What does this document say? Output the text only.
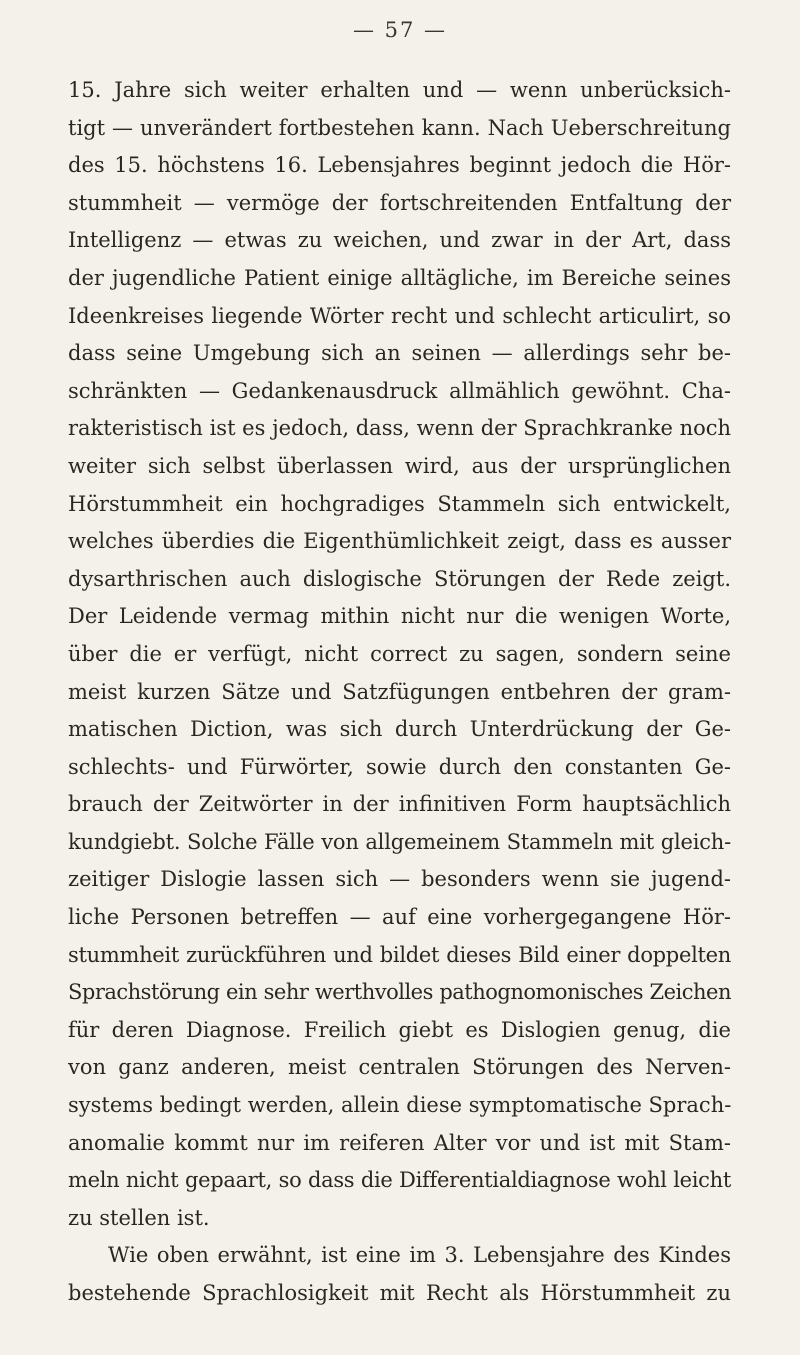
— 57 —
15. Jahre sich weiter erhalten und — wenn unberücksich-
tigt — unverändert fortbestehen kann. Nach Ueberschreitung
des 15. höchstens 16. Lebensjahres beginnt jedoch die Hör-
stummheit — vermöge der fortschreitenden Entfaltung der
Intelligenz — etwas zu weichen, und zwar in der Art, dass
der jugendliche Patient einige alltägliche, im Bereiche seines
Ideenkreises liegende Wörter recht und schlecht articulirt, so
dass seine Umgebung sich an seinen — allerdings sehr be-
schränkten — Gedankenausdruck allmählich gewöhnt. Cha-
rakteristisch ist es jedoch, dass, wenn der Sprachkranke noch
weiter sich selbst überlassen wird, aus der ursprünglichen
Hörstummheit ein hochgradiges Stammeln sich entwickelt,
welches überdies die Eigenthümlichkeit zeigt, dass es ausser
dysarthrischen auch dislogische Störungen der Rede zeigt.
Der Leidende vermag mithin nicht nur die wenigen Worte,
über die er verfügt, nicht correct zu sagen, sondern seine
meist kurzen Sätze und Satzfügungen entbehren der gram-
matischen Diction, was sich durch Unterdrückung der Ge-
schlechts- und Fürwörter, sowie durch den constanten Ge-
brauch der Zeitwörter in der infinitiven Form hauptsächlich
kundgiebt. Solche Fälle von allgemeinem Stammeln mit gleich-
zeitiger Dislogie lassen sich — besonders wenn sie jugend-
liche Personen betreffen — auf eine vorhergegangene Hör-
stummheit zurückführen und bildet dieses Bild einer doppelten
Sprachstörung ein sehr werthvolles pathognomonisches Zeichen
für deren Diagnose. Freilich giebt es Dislogien genug, die
von ganz anderen, meist centralen Störungen des Nerven-
systems bedingt werden, allein diese symptomatische Sprach-
anomalie kommt nur im reiferen Alter vor und ist mit Stam-
meln nicht gepaart, so dass die Differentialdiagnose wohl leicht
zu stellen ist.
Wie oben erwähnt, ist eine im 3. Lebensjahre des Kindes
bestehende Sprachlosigkeit mit Recht als Hörstummheit zu
